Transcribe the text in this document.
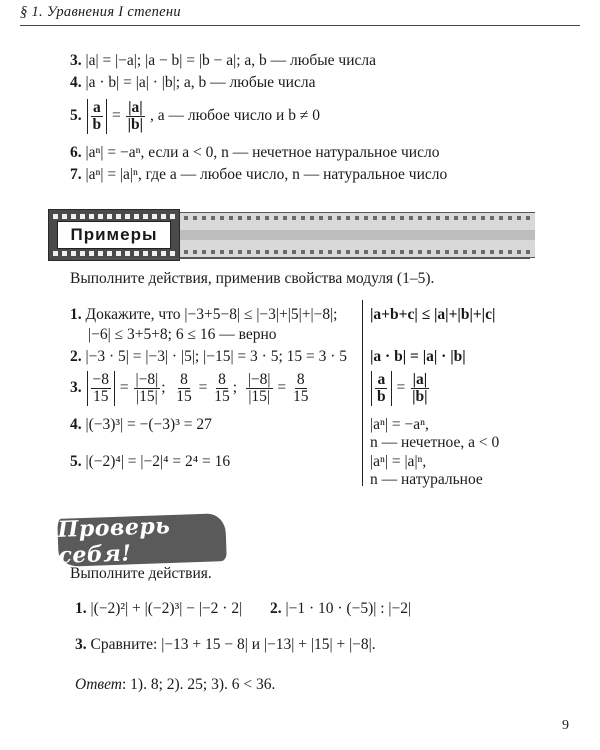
§ 1. Уравнения I степени
3. |a| = |−a|; |a − b| = |b − a|; a, b — любые числа
4. |a · b| = |a| · |b|; a, b — любые числа
5. $\frac{a}{b} = \frac{|a|}{|b|}$ , a — любое число и b ≠ 0
6. |aⁿ| = −aⁿ, если a < 0, n — нечетное натуральное число
7. |aⁿ| = |a|ⁿ, где a — любое число, n — натуральное число
Примеры
Выполните действия, применив свойства модуля (1–5).
1. Докажите, что |−3+5−8| ≤ |−3|+|5|+|−8|;
|−6| ≤ 3+5+8; 6 ≤ 16 — верно
2. |−3 · 5| = |−3| · |5|; |−15| = 3 · 5; 15 = 3 · 5
3. $\frac{-8}{15} = \frac{|-8|}{|15|}$ ; $\frac{8}{15} = \frac{8}{15}$ ; $\frac{|-8|}{|15|} = \frac{8}{15}$
4. |(−3)³| = −(−3)³ = 27
5. |(−2)⁴| = |−2|⁴ = 2⁴ = 16
|a+b+c| ≤ |a|+|b|+|c|
|a · b| = |a| · |b|
$\frac{a}{b} = \frac{|a|}{|b|}$
|aⁿ| = −aⁿ,
n — нечетное, a < 0
|aⁿ| = |a|ⁿ,
n — натуральное
Проверь себя!
Выполните действия.
1. |(−2)²| + |(−2)³| − |−2 · 2| 2. |−1 · 10 · (−5)| : |−2|
3. Сравните: |−13 + 15 − 8| и |−13| + |15| + |−8|.
Ответ: 1). 8; 2). 25; 3). 6 < 36.
9
